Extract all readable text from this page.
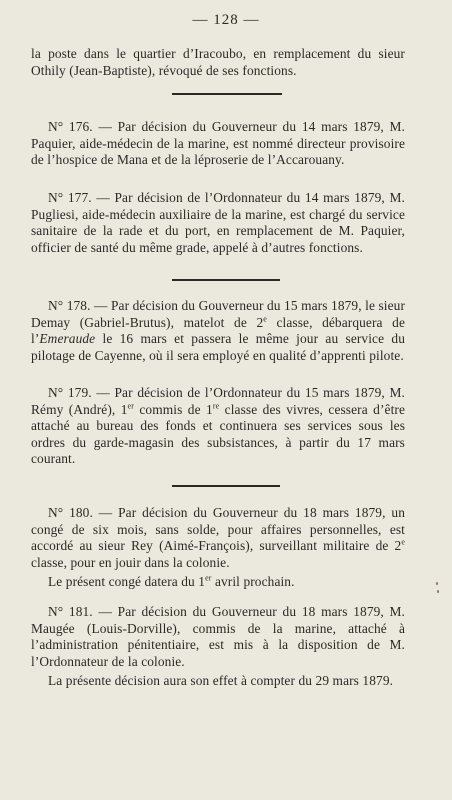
— 128 —

la poste dans le quartier d’Iracoubo, en remplacement du sieur Othily (Jean-Baptiste), révoqué de ses fonctions.

N° 176. — Par décision du Gouverneur du 14 mars 1879, M. Paquier, aide-médecin de la marine, est nommé directeur provisoire de l’hospice de Mana et de la léproserie de l’Accarouany.

N° 177. — Par décision de l’Ordonnateur du 14 mars 1879, M. Pugliesi, aide-médecin auxiliaire de la marine, est chargé du service sanitaire de la rade et du port, en remplacement de M. Paquier, officier de santé du même grade, appelé à d’autres fonctions.

N° 178. — Par décision du Gouverneur du 15 mars 1879, le sieur Demay (Gabriel-Brutus), matelot de 2e classe, débarquera de l’Emeraude le 16 mars et passera le même jour au service du pilotage de Cayenne, où il sera employé en qualité d’apprenti pilote.

N° 179. — Par décision de l’Ordonnateur du 15 mars 1879, M. Rémy (André), 1er commis de 1re classe des vivres, cessera d’être attaché au bureau des fonds et continuera ses services sous les ordres du garde-magasin des subsistances, à partir du 17 mars courant.

N° 180. — Par décision du Gouverneur du 18 mars 1879, un congé de six mois, sans solde, pour affaires personnelles, est accordé au sieur Rey (Aimé-François), surveillant militaire de 2e classe, pour en jouir dans la colonie.

Le présent congé datera du 1er avril prochain.

N° 181. — Par décision du Gouverneur du 18 mars 1879, M. Maugée (Louis-Dorville), commis de la marine, attaché à l’administration pénitentiaire, est mis à la disposition de M. l’Ordonnateur de la colonie.

La présente décision aura son effet à compter du 29 mars 1879.
